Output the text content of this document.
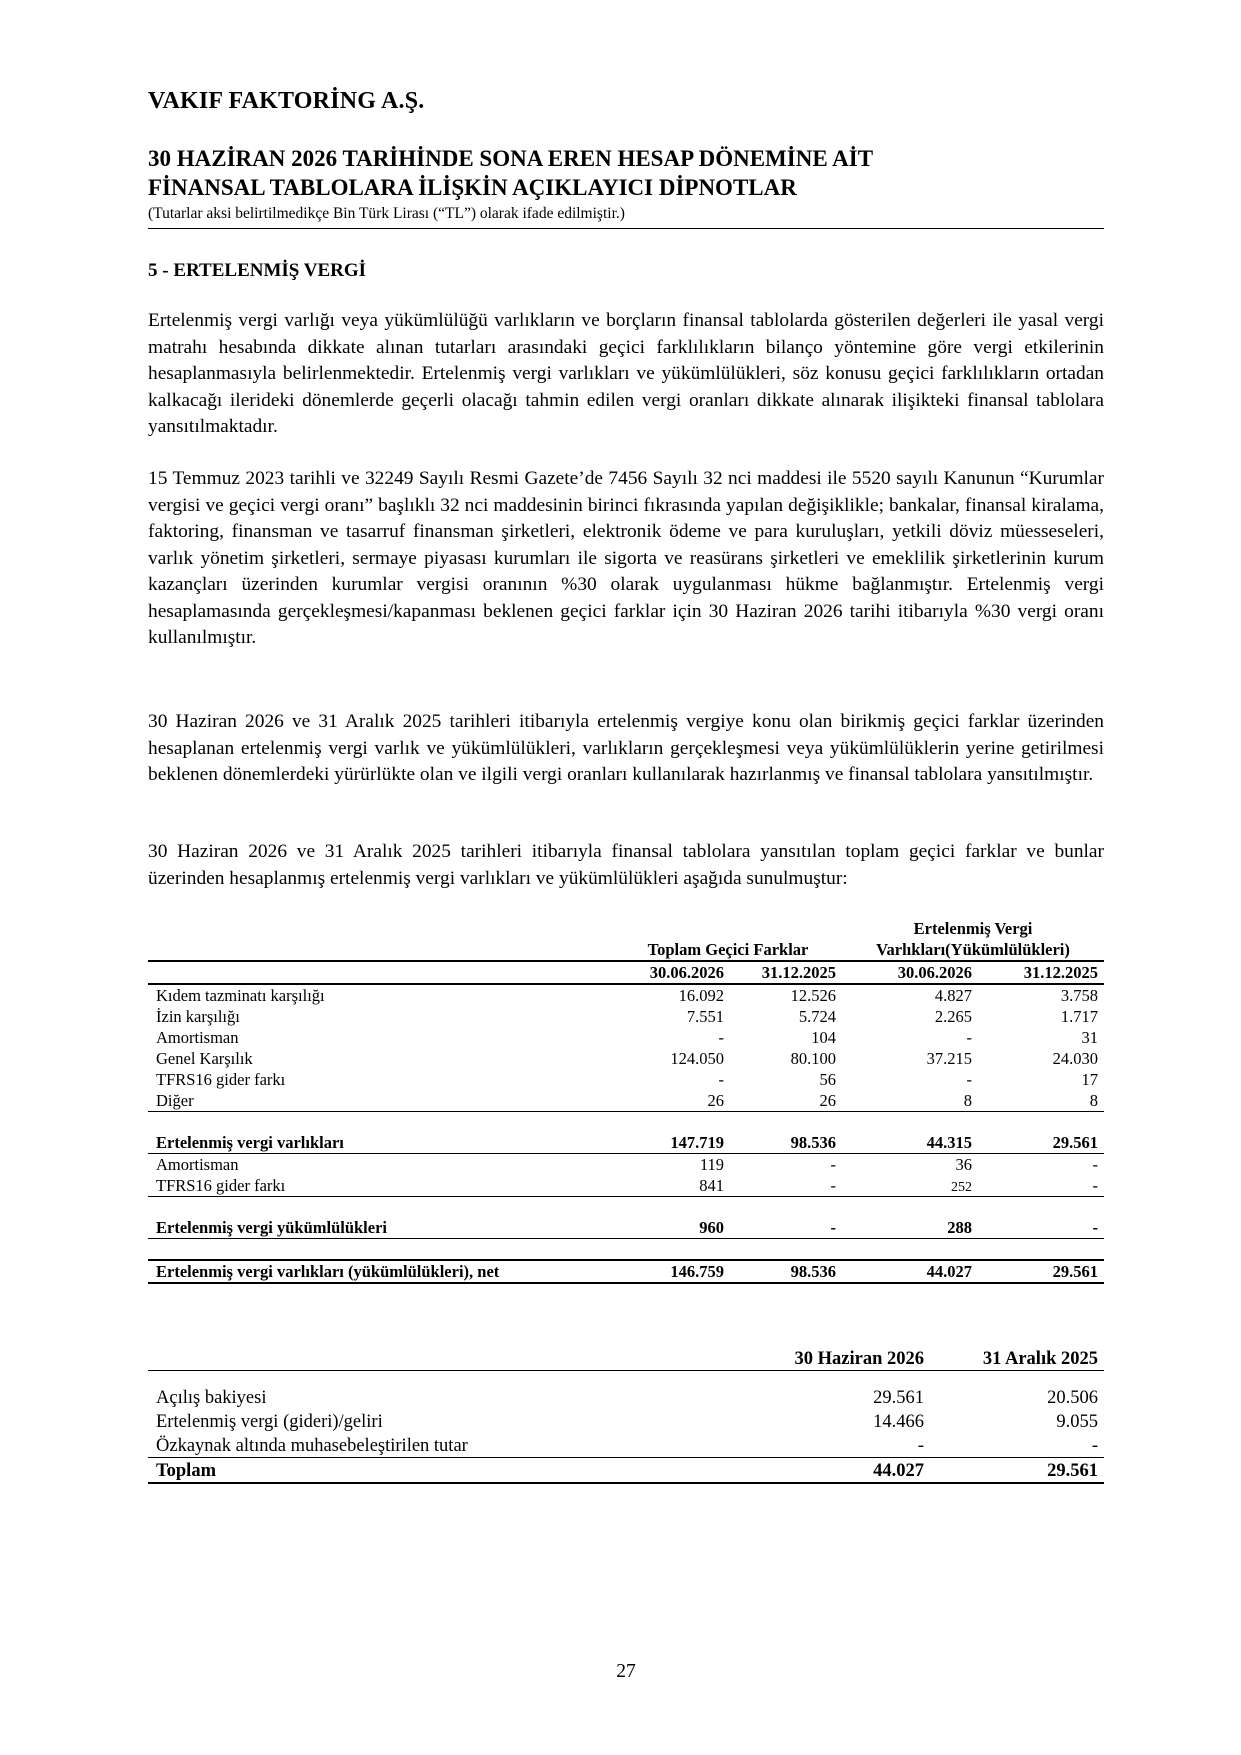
VAKIF FAKTORİNG A.Ş.
30 HAZİRAN 2026 TARİHİNDE SONA EREN HESAP DÖNEMİNE AİT
FİNANSAL TABLOLARA İLİŞKİN AÇIKLAYICI DİPNOTLAR
(Tutarlar aksi belirtilmedikçe Bin Türk Lirası (“TL”) olarak ifade edilmiştir.)
5 - ERTELENMİŞ VERGİ
Ertelenmiş vergi varlığı veya yükümlülüğü varlıkların ve borçların finansal tablolarda gösterilen değerleri ile yasal vergi matrahı hesabında dikkate alınan tutarları arasındaki geçici farklılıkların bilanço yöntemine göre vergi etkilerinin hesaplanmasıyla belirlenmektedir. Ertelenmiş vergi varlıkları ve yükümlülükleri, söz konusu geçici farklılıkların ortadan kalkacağı ilerideki dönemlerde geçerli olacağı tahmin edilen vergi oranları dikkate alınarak ilişikteki finansal tablolara yansıtılmaktadır.
15 Temmuz 2023 tarihli ve 32249 Sayılı Resmi Gazete’de 7456 Sayılı 32 nci maddesi ile 5520 sayılı Kanunun “Kurumlar vergisi ve geçici vergi oranı” başlıklı 32 nci maddesinin birinci fıkrasında yapılan değişiklikle; bankalar, finansal kiralama, faktoring, finansman ve tasarruf finansman şirketleri, elektronik ödeme ve para kuruluşları, yetkili döviz müesseseleri, varlık yönetim şirketleri, sermaye piyasası kurumları ile sigorta ve reasürans şirketleri ve emeklilik şirketlerinin kurum kazançları üzerinden kurumlar vergisi oranının %30 olarak uygulanması hükme bağlanmıştır. Ertelenmiş vergi hesaplamasında gerçekleşmesi/kapanması beklenen geçici farklar için 30 Haziran 2026 tarihi itibarıyla %30 vergi oranı kullanılmıştır.
30 Haziran 2026 ve 31 Aralık 2025 tarihleri itibarıyla ertelenmiş vergiye konu olan birikmiş geçici farklar üzerinden hesaplanan ertelenmiş vergi varlık ve yükümlülükleri, varlıkların gerçekleşmesi veya yükümlülüklerin yerine getirilmesi beklenen dönemlerdeki yürürlükte olan ve ilgili vergi oranları kullanılarak hazırlanmış ve finansal tablolara yansıtılmıştır.
30 Haziran 2026 ve 31 Aralık 2025 tarihleri itibarıyla finansal tablolara yansıtılan toplam geçici farklar ve bunlar üzerinden hesaplanmış ertelenmiş vergi varlıkları ve yükümlülükleri aşağıda sunulmuştur:
			Ertelenmiş Vergi	
	Toplam Geçici Farklar		Varlıkları(Yükümlülükleri)	
	30.06.2026	31.12.2025	30.06.2026	31.12.2025
Kıdem tazminatı karşılığı	16.092	12.526	4.827	3.758
İzin karşılığı	7.551	5.724	2.265	1.717
Amortisman	-	104	-	31
Genel Karşılık	124.050	80.100	37.215	24.030
TFRS16 gider farkı	-	56	-	17
Diğer	26	26	8	8

Ertelenmiş vergi varlıkları	147.719	98.536	44.315	29.561
Amortisman	119	-	36	-
TFRS16 gider farkı	841	-	252	-

Ertelenmiş vergi yükümlülükleri	960	-	288	-

Ertelenmiş vergi varlıkları (yükümlülükleri), net	146.759	98.536	44.027	29.561
	30 Haziran 2026	31 Aralık 2025

Açılış bakiyesi	29.561	20.506
Ertelenmiş vergi (gideri)/geliri	14.466	9.055
Özkaynak altında muhasebeleştirilen tutar	-	-
Toplam	44.027	29.561
27
